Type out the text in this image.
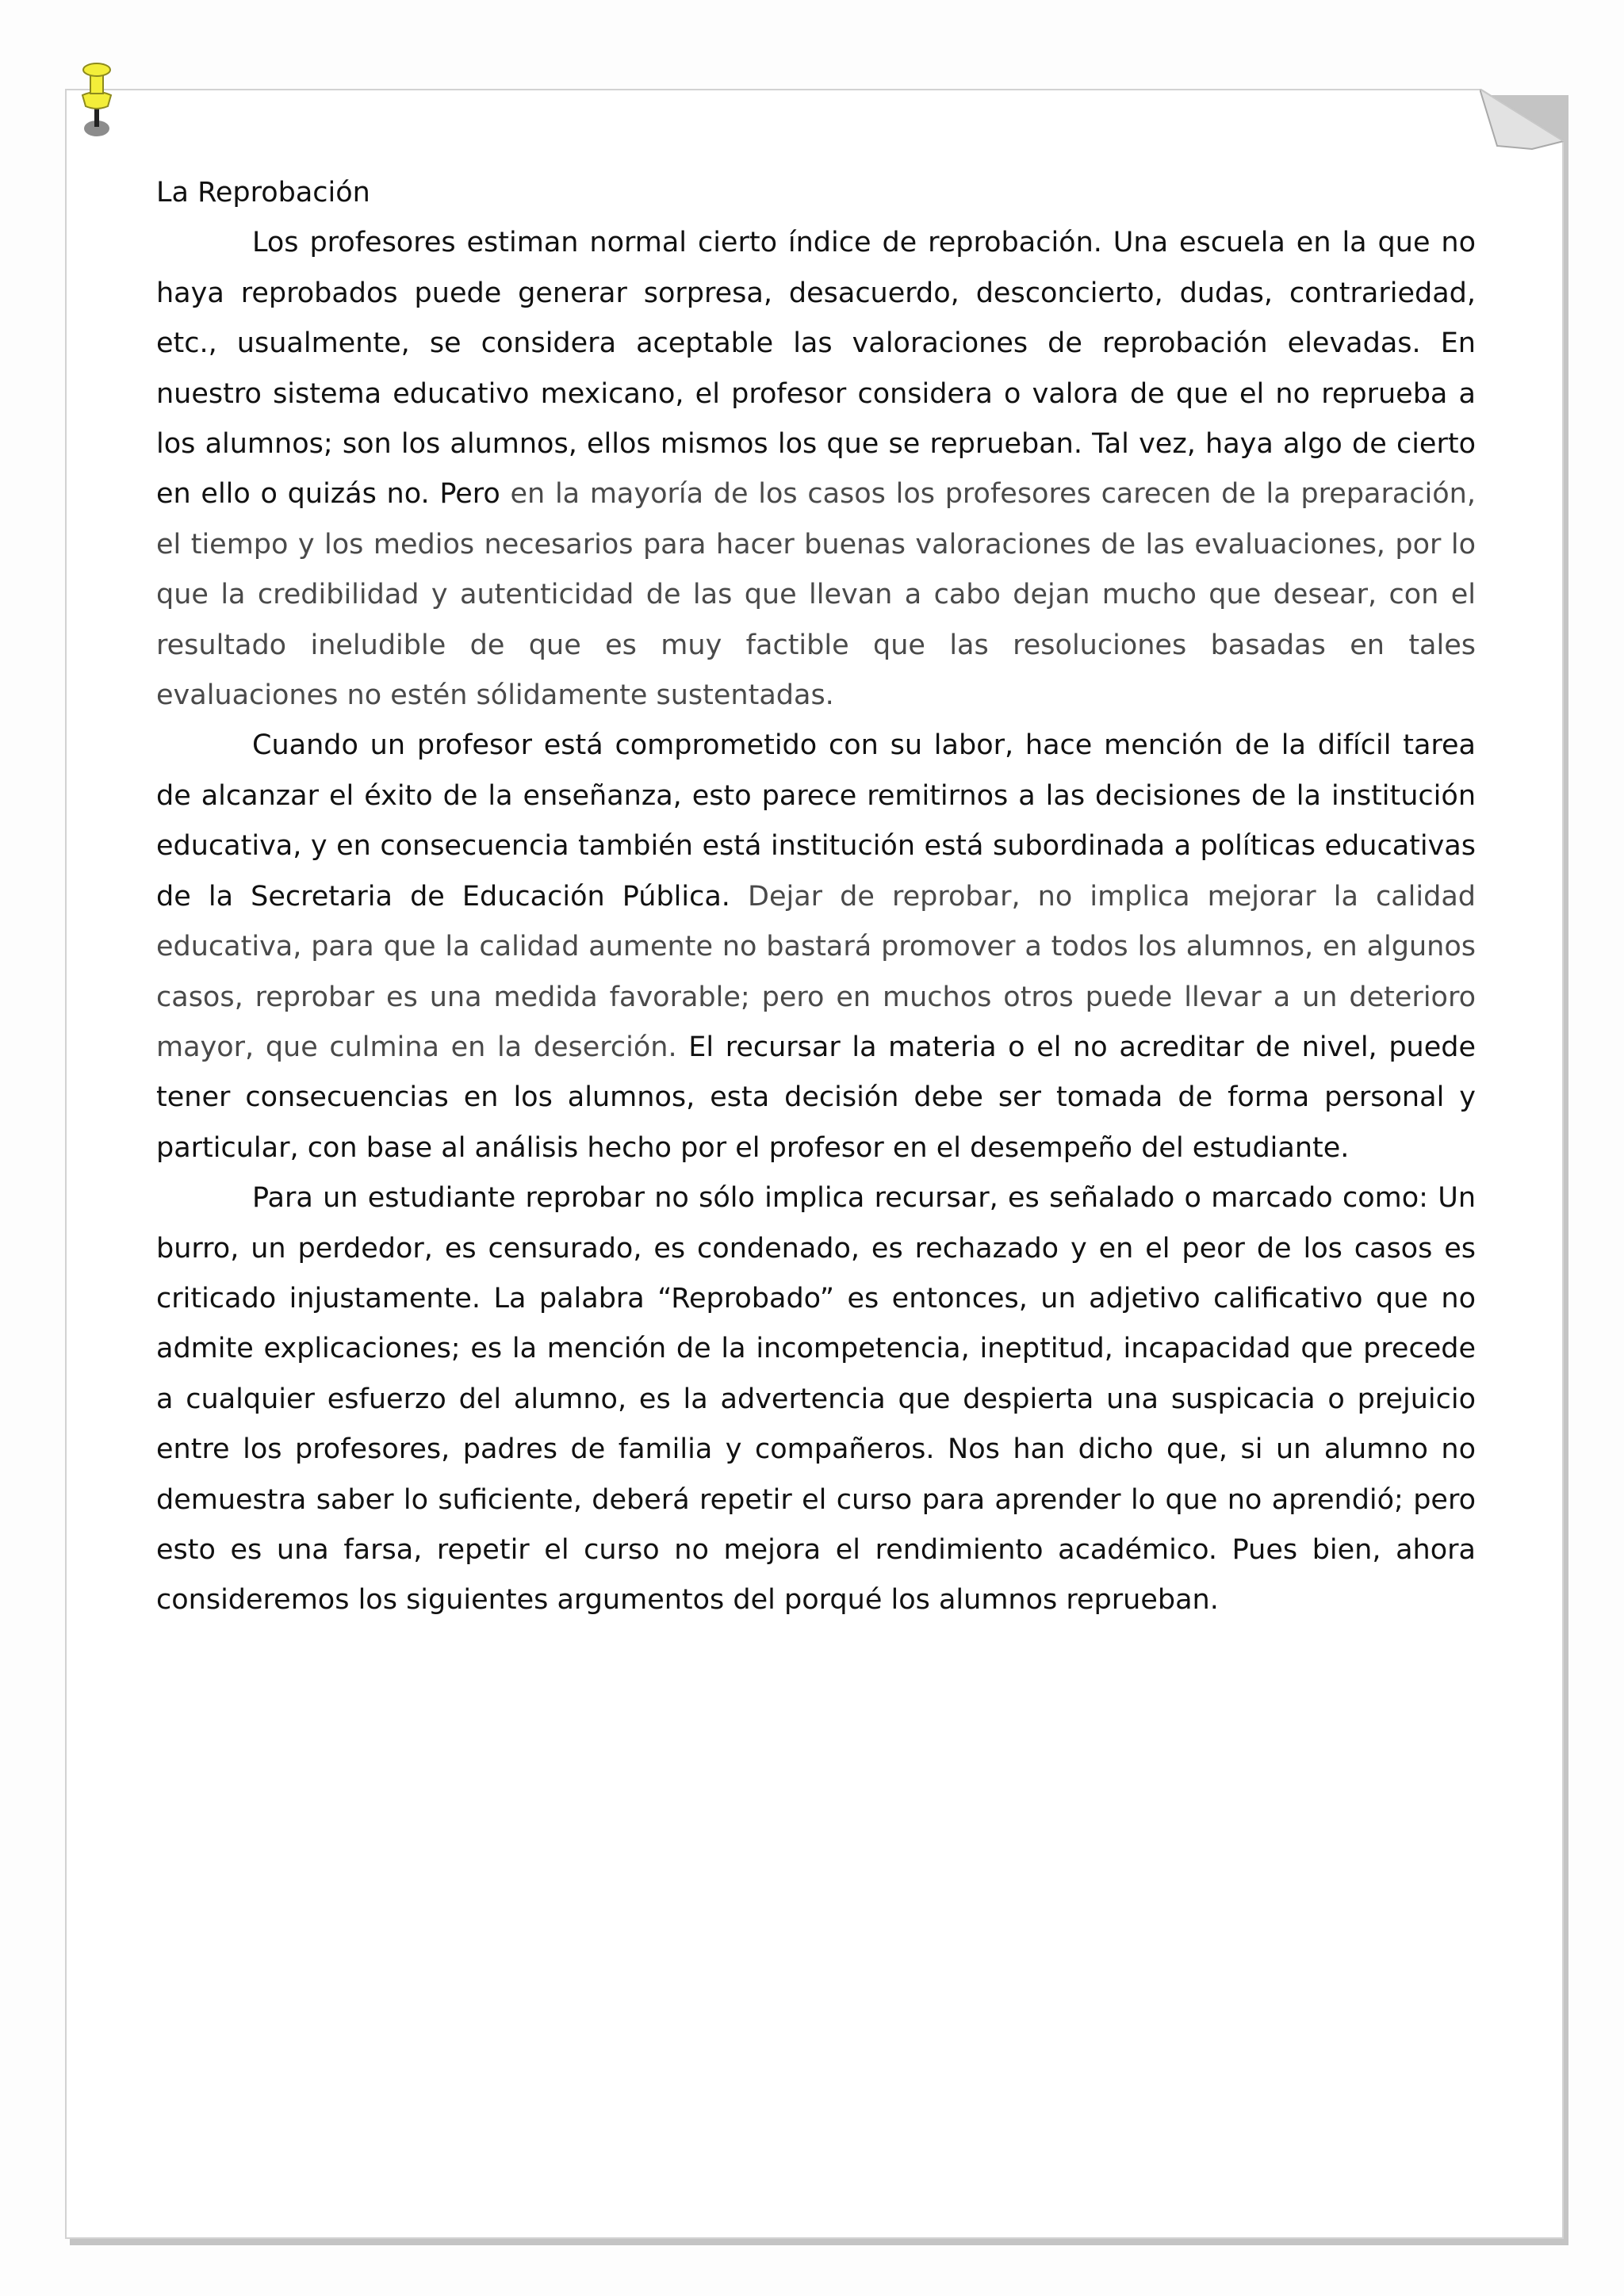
La Reprobación

Los profesores estiman normal cierto índice de reprobación. Una escuela en la que no haya reprobados puede generar sorpresa, desacuerdo, desconcierto, dudas, contrariedad, etc., usualmente, se considera aceptable las valoraciones de reprobación elevadas. En nuestro sistema educativo mexicano, el profesor considera o valora de que el no reprueba a los alumnos; son los alumnos, ellos mismos los que se reprueban. Tal vez, haya algo de cierto en ello o quizás no. Pero en la mayoría de los casos los profesores carecen de la preparación, el tiempo y los medios necesarios para hacer buenas valoraciones de las evaluaciones, por lo que la credibilidad y autenticidad de las que llevan a cabo dejan mucho que desear, con el resultado ineludible de que es muy factible que las resoluciones basadas en tales evaluaciones no estén sólidamente sustentadas.

Cuando un profesor está comprometido con su labor, hace mención de la difícil tarea de alcanzar el éxito de la enseñanza, esto parece remitirnos a las decisiones de la institución educativa, y en consecuencia también está institución está subordinada a políticas educativas de la Secretaria de Educación Pública. Dejar de reprobar, no implica mejorar la calidad educativa, para que la calidad aumente no bastará promover a todos los alumnos, en algunos casos, reprobar es una medida favorable; pero en muchos otros puede llevar a un deterioro mayor, que culmina en la deserción. El recursar la materia o el no acreditar de nivel, puede tener consecuencias en los alumnos, esta decisión debe ser tomada de forma personal y particular, con base al análisis hecho por el profesor en el desempeño del estudiante.

Para un estudiante reprobar no sólo implica recursar, es señalado o marcado como: Un burro, un perdedor, es censurado, es condenado, es rechazado y en el peor de los casos es criticado injustamente. La palabra “Reprobado” es entonces, un adjetivo calificativo que no admite explicaciones; es la mención de la incompetencia, ineptitud, incapacidad que precede a cualquier esfuerzo del alumno, es la advertencia que despierta una suspicacia o prejuicio entre los profesores, padres de familia y compañeros. Nos han dicho que, si un alumno no demuestra saber lo suficiente, deberá repetir el curso para aprender lo que no aprendió; pero esto es una farsa, repetir el curso no mejora el rendimiento académico. Pues bien, ahora consideremos los siguientes argumentos del porqué los alumnos reprueban.
